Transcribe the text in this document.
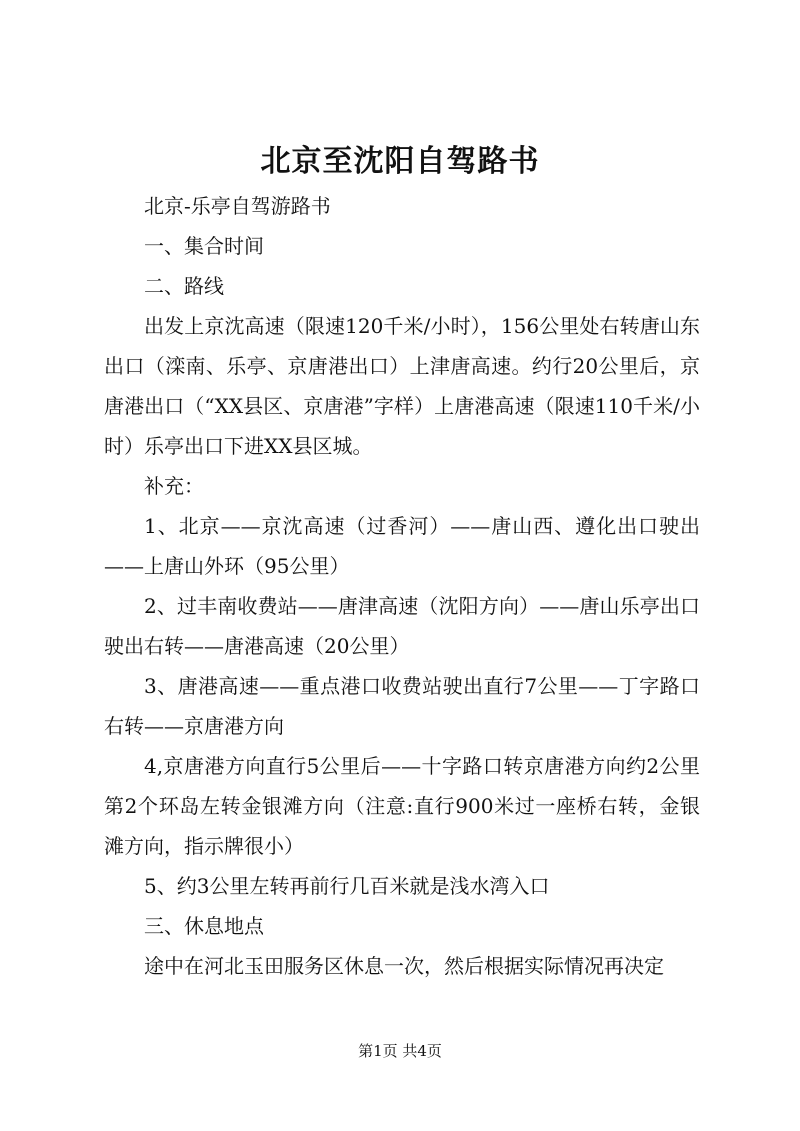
北京至沈阳自驾路书

北京-乐亭自驾游路书

一、集合时间

二、路线

出发上京沈高速（限速120千米/小时），156公里处右转唐山东出口（滦南、乐亭、京唐港出口）上津唐高速。约行20公里后，京唐港出口（“XX县区、京唐港”字样）上唐港高速（限速110千米/小时）乐亭出口下进XX县区城。

补充：

1、北京——京沈高速（过香河）——唐山西、遵化出口驶出——上唐山外环（95公里）

2、过丰南收费站——唐津高速（沈阳方向）——唐山乐亭出口驶出右转——唐港高速（20公里）

3、唐港高速——重点港口收费站驶出直行7公里——丁字路口右转——京唐港方向

4,京唐港方向直行5公里后——十字路口转京唐港方向约2公里第2个环岛左转金银滩方向（注意:直行900米过一座桥右转，金银滩方向，指示牌很小）

5、约3公里左转再前行几百米就是浅水湾入口

三、休息地点

途中在河北玉田服务区休息一次，然后根据实际情况再决定

第1页 共4页
